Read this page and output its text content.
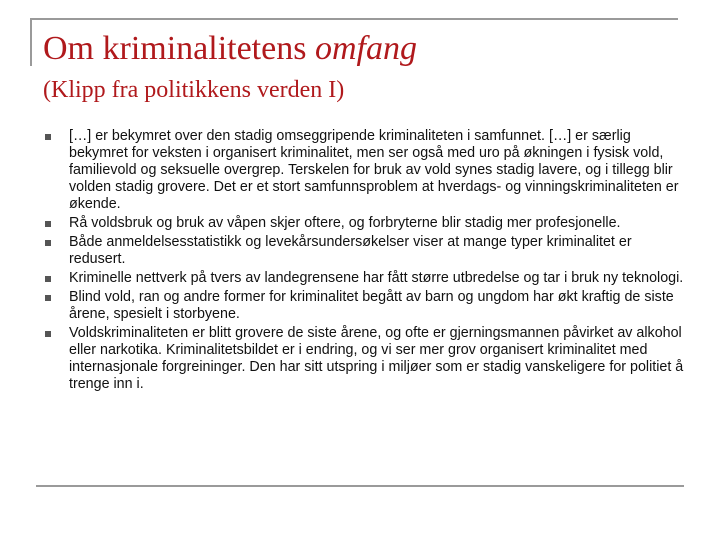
Om kriminalitetens omfang
(Klipp fra politikkens verden I)
[…] er bekymret over den stadig omseggripende kriminaliteten i samfunnet. […] er særlig bekymret for veksten i organisert kriminalitet, men ser også med uro på økningen i fysisk vold, familievold og seksuelle overgrep. Terskelen for bruk av vold synes stadig lavere, og i tillegg blir volden stadig grovere. Det er et stort samfunnsproblem at hverdags- og vinningskriminaliteten er økende.
Rå voldsbruk og bruk av våpen skjer oftere, og forbryterne blir stadig mer profesjonelle.
Både anmeldelsesstatistikk og levekårsundersøkelser viser at mange typer kriminalitet er redusert.
Kriminelle nettverk på tvers av landegrensene har fått større utbredelse og tar i bruk ny teknologi.
Blind vold, ran og andre former for kriminalitet begått av barn og ungdom har økt kraftig de siste årene, spesielt i storbyene.
Voldskriminaliteten er blitt grovere de siste årene, og ofte er gjerningsmannen påvirket av alkohol eller narkotika. Kriminalitetsbildet er i endring, og vi ser mer grov organisert kriminalitet med internasjonale forgreininger. Den har sitt utspring i miljøer som er stadig vanskeligere for politiet å trenge inn i.
